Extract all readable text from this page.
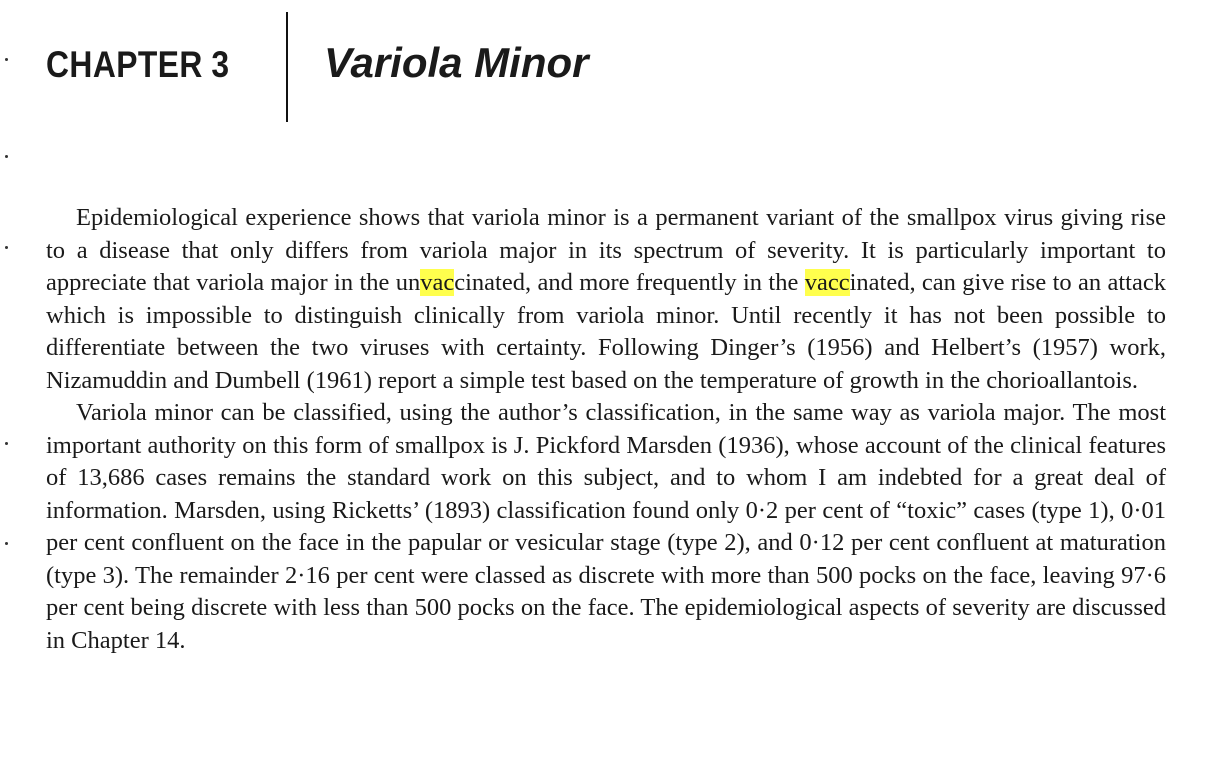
CHAPTER 3 Variola Minor

Epidemiological experience shows that variola minor is a permanent variant of the smallpox virus giving rise to a disease that only differs from variola major in its spectrum of severity. It is particularly important to appreciate that variola major in the unvaccinated, and more frequently in the vaccinated, can give rise to an attack which is impossible to distinguish clinically from variola minor. Until recently it has not been possible to differentiate between the two viruses with certainty. Following Dinger’s (1956) and Helbert’s (1957) work, Nizamuddin and Dumbell (1961) report a simple test based on the temperature of growth in the chorioallantois.

Variola minor can be classified, using the author’s classification, in the same way as variola major. The most important authority on this form of smallpox is J. Pickford Marsden (1936), whose account of the clinical features of 13,686 cases remains the standard work on this subject, and to whom I am indebted for a great deal of information. Marsden, using Ricketts’ (1893) classification found only 0·2 per cent of “toxic” cases (type 1), 0·01 per cent confluent on the face in the papular or vesicular stage (type 2), and 0·12 per cent confluent at maturation (type 3). The remainder 2·16 per cent were classed as discrete with more than 500 pocks on the face, leaving 97·6 per cent being discrete with less than 500 pocks on the face. The epidemiological aspects of severity are discussed in Chapter 14.
